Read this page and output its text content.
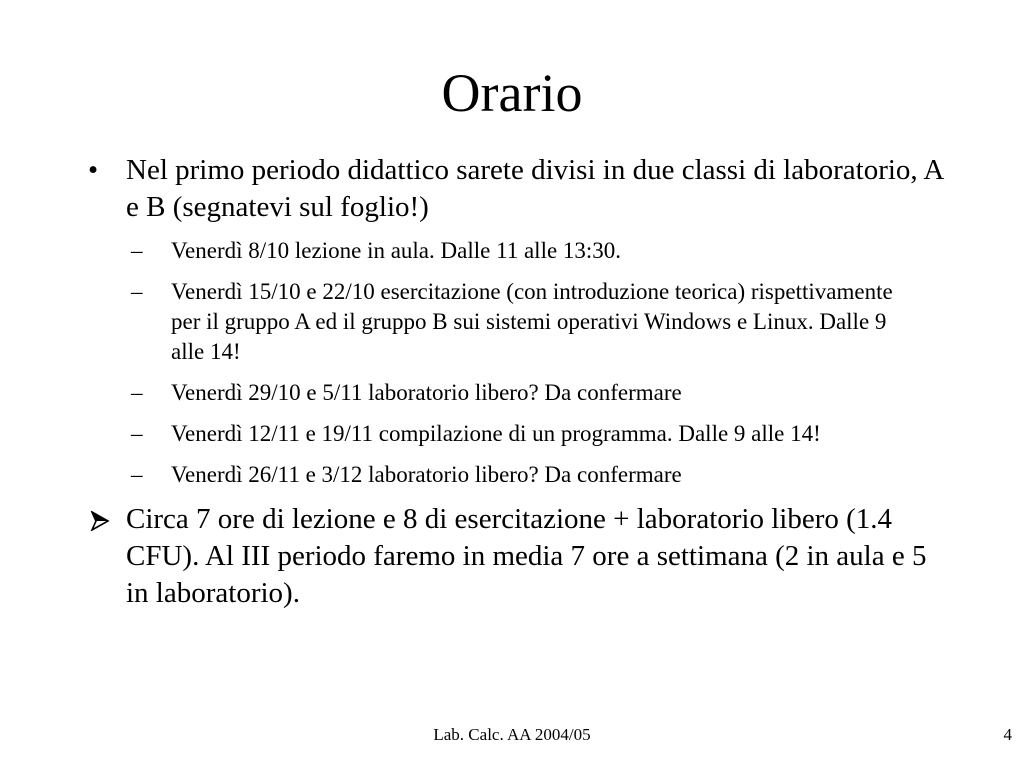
Orario
• Nel primo periodo didattico sarete divisi in due classi di laboratorio, A e B (segnatevi sul foglio!)
– Venerdì 8/10 lezione in aula. Dalle 11 alle 13:30.
– Venerdì 15/10 e 22/10 esercitazione (con introduzione teorica) rispettivamente per il gruppo A ed il gruppo B sui sistemi operativi Windows e Linux. Dalle 9 alle 14!
– Venerdì 29/10 e 5/11 laboratorio libero? Da confermare
– Venerdì 12/11 e 19/11 compilazione di un programma. Dalle 9 alle 14!
– Venerdì 26/11 e 3/12 laboratorio libero? Da confermare
Circa 7 ore di lezione e 8 di esercitazione + laboratorio libero (1.4 CFU). Al III periodo faremo in media 7 ore a settimana (2 in aula e 5 in laboratorio).
Lab. Calc. AA 2004/05	4
